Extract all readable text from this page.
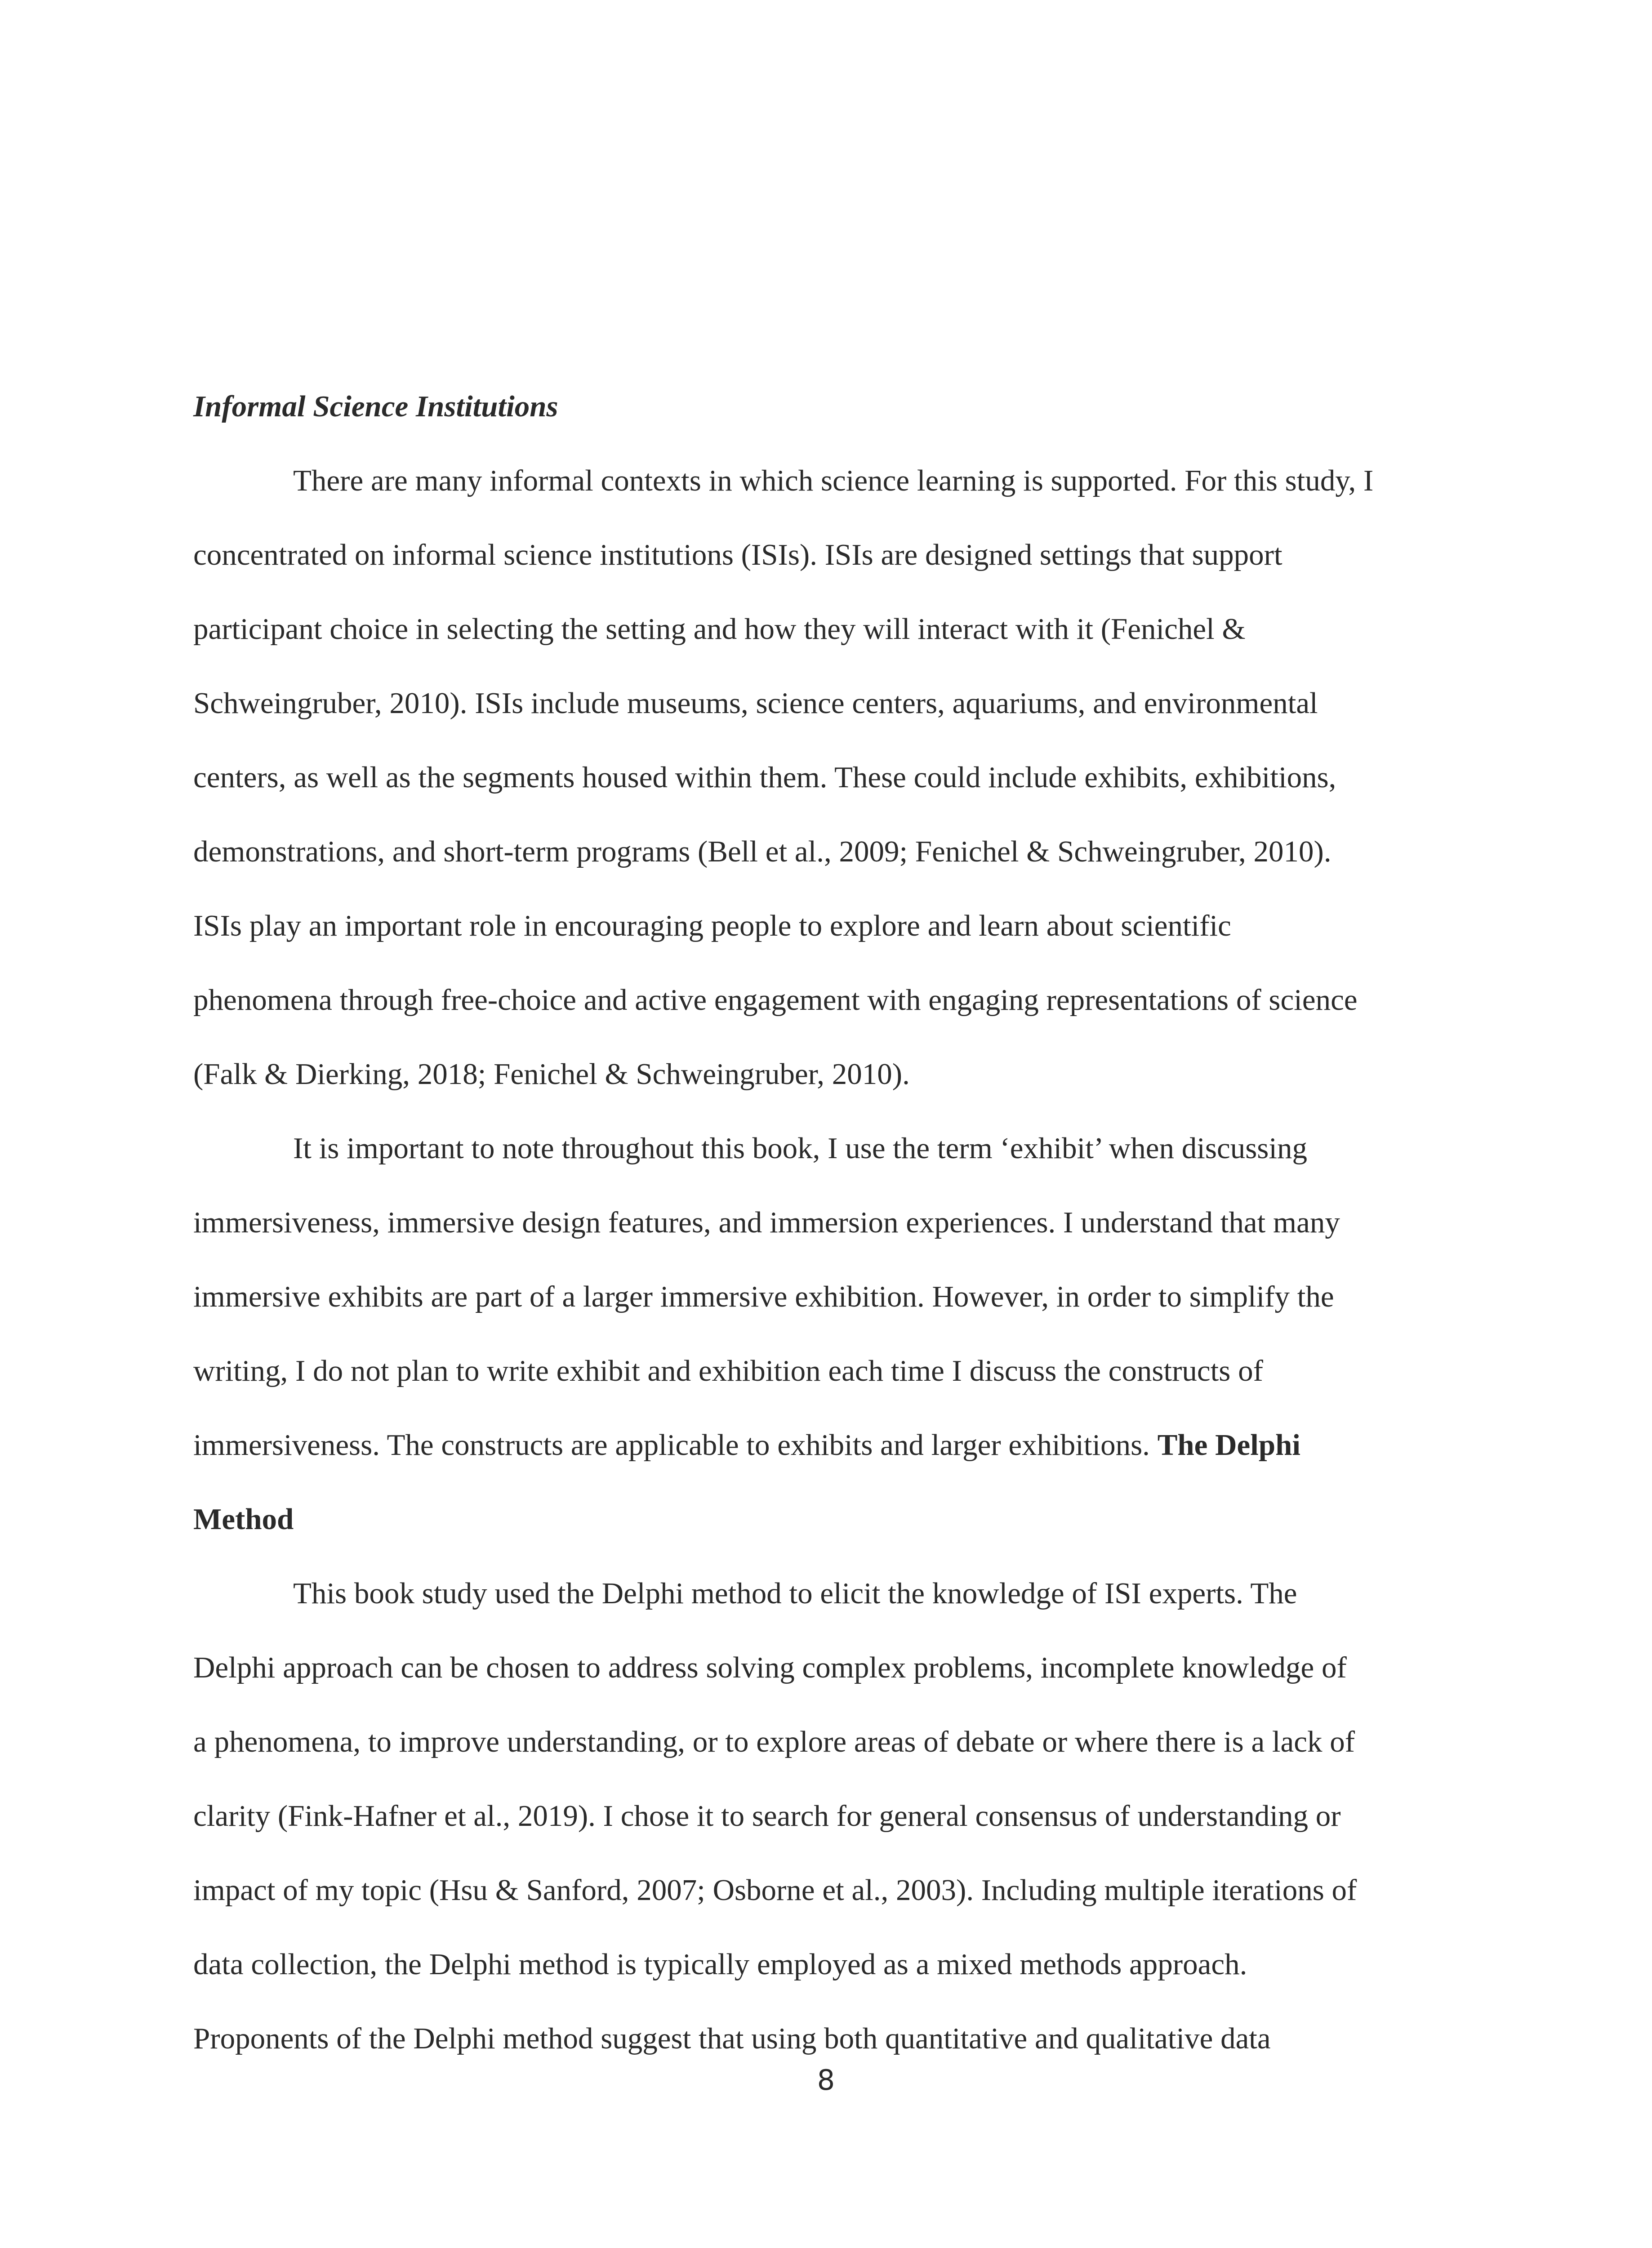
Informal Science Institutions

There are many informal contexts in which science learning is supported. For this study, I
concentrated on informal science institutions (ISIs). ISIs are designed settings that support
participant choice in selecting the setting and how they will interact with it (Fenichel &
Schweingruber, 2010). ISIs include museums, science centers, aquariums, and environmental
centers, as well as the segments housed within them. These could include exhibits, exhibitions,
demonstrations, and short-term programs (Bell et al., 2009; Fenichel & Schweingruber, 2010).
ISIs play an important role in encouraging people to explore and learn about scientific
phenomena through free-choice and active engagement with engaging representations of science
(Falk & Dierking, 2018; Fenichel & Schweingruber, 2010).

It is important to note throughout this book, I use the term ‘exhibit’ when discussing
immersiveness, immersive design features, and immersion experiences. I understand that many
immersive exhibits are part of a larger immersive exhibition. However, in order to simplify the
writing, I do not plan to write exhibit and exhibition each time I discuss the constructs of
immersiveness. The constructs are applicable to exhibits and larger exhibitions. The Delphi
Method

This book study used the Delphi method to elicit the knowledge of ISI experts. The
Delphi approach can be chosen to address solving complex problems, incomplete knowledge of
a phenomena, to improve understanding, or to explore areas of debate or where there is a lack of
clarity (Fink-Hafner et al., 2019). I chose it to search for general consensus of understanding or
impact of my topic (Hsu & Sanford, 2007; Osborne et al., 2003). Including multiple iterations of
data collection, the Delphi method is typically employed as a mixed methods approach.
Proponents of the Delphi method suggest that using both quantitative and qualitative data

8
